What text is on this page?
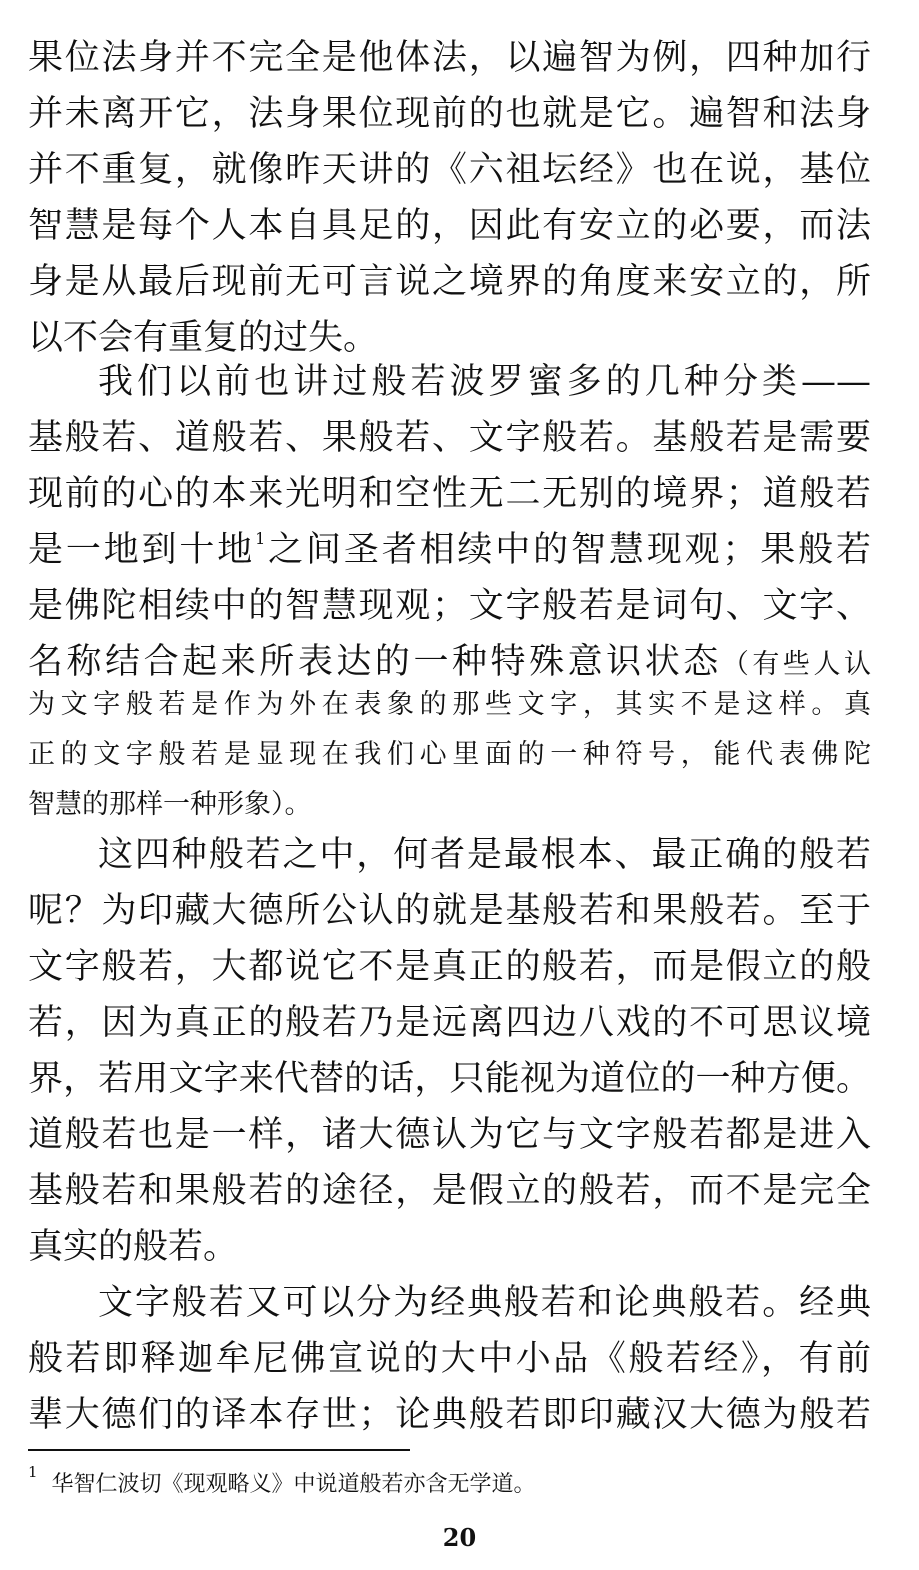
果位法身并不完全是他体法，以遍智为例，四种加行
并未离开它，法身果位现前的也就是它。遍智和法身
并不重复，就像昨天讲的《六祖坛经》也在说，基位
智慧是每个人本自具足的，因此有安立的必要，而法
身是从最后现前无可言说之境界的角度来安立的，所
以不会有重复的过失。
我们以前也讲过般若波罗蜜多的几种分类——
基般若、道般若、果般若、文字般若。基般若是需要
现前的心的本来光明和空性无二无别的境界；道般若
是一地到十地$^1$之间圣者相续中的智慧现观；果般若
是佛陀相续中的智慧现观；文字般若是词句、文字、
名称结合起来所表达的一种特殊意识状态（有些人认
为文字般若是作为外在表象的那些文字，其实不是这样。真
正的文字般若是显现在我们心里面的一种符号，能代表佛陀
智慧的那样一种形象）。
这四种般若之中，何者是最根本、最正确的般若
呢？为印藏大德所公认的就是基般若和果般若。至于
文字般若，大都说它不是真正的般若，而是假立的般
若，因为真正的般若乃是远离四边八戏的不可思议境
界，若用文字来代替的话，只能视为道位的一种方便。
道般若也是一样，诸大德认为它与文字般若都是进入
基般若和果般若的途径，是假立的般若，而不是完全
真实的般若。
文字般若又可以分为经典般若和论典般若。经典
般若即释迦牟尼佛宣说的大中小品《般若经》，有前
辈大德们的译本存世；论典般若即印藏汉大德为般若
$^1$华智仁波切《现观略义》中说道般若亦含无学道。
20
